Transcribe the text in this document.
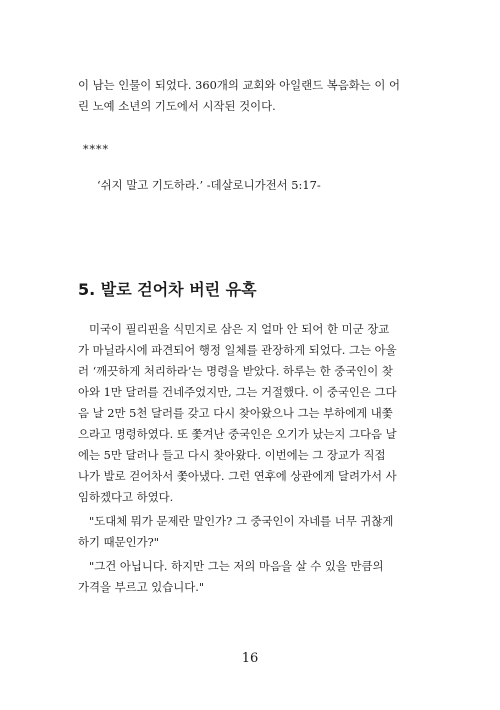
이 남는 인물이 되었다. 360개의 교회와 아일랜드 복음화는 이 어
린 노예 소년의 기도에서 시작된 것이다.

****
‘쉬지 말고 기도하라.’ -데살로니가전서 5:17-
5. 발로 걷어차 버린 유혹

미국이 필리핀을 식민지로 삼은 지 얼마 안 되어 한 미군 장교
가 마닐라시에 파견되어 행정 일체를 관장하게 되었다. 그는 아울
러 ‘깨끗하게 처리하라’는 명령을 받았다. 하루는 한 중국인이 찾
아와 1만 달러를 건네주었지만, 그는 거절했다. 이 중국인은 그다
음 날 2만 5천 달러를 갖고 다시 찾아왔으나 그는 부하에게 내쫓
으라고 명령하였다. 또 쫓겨난 중국인은 오기가 났는지 그다음 날
에는 5만 달러나 들고 다시 찾아왔다. 이번에는 그 장교가 직접
나가 발로 걷어차서 쫓아냈다. 그런 연후에 상관에게 달려가서 사
임하겠다고 하였다.

"도대체 뭐가 문제란 말인가? 그 중국인이 자네를 너무 귀찮게
하기 때문인가?"

"그건 아닙니다. 하지만 그는 저의 마음을 살 수 있을 만큼의
가격을 부르고 있습니다."

16
